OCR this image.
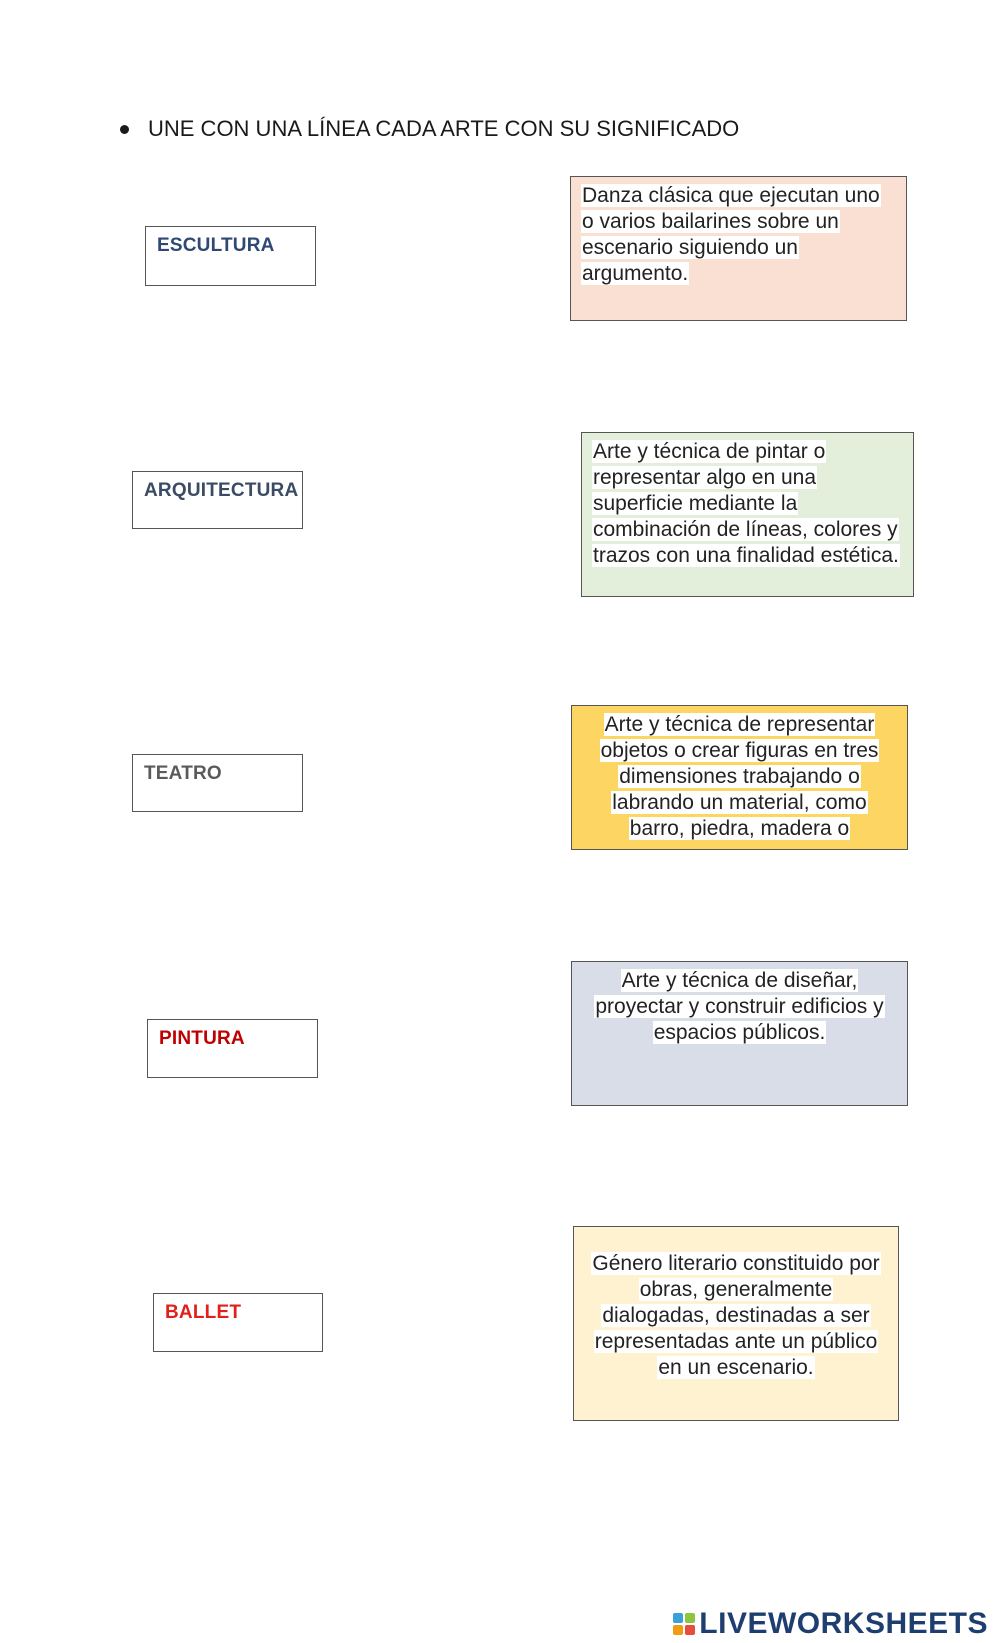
UNE CON UNA LÍNEA CADA ARTE CON SU SIGNIFICADO
ESCULTURA
ARQUITECTURA
TEATRO
PINTURA
BALLET
Danza clásica que ejecutan uno o varios bailarines sobre un escenario siguiendo un argumento.
Arte y técnica de pintar o representar algo en una superficie mediante la combinación de líneas, colores y trazos con una finalidad estética.
Arte y técnica de representar objetos o crear figuras en tres dimensiones trabajando o labrando un material, como barro, piedra, madera o
Arte y técnica de diseñar, proyectar y construir edificios y espacios públicos.
Género literario constituido por obras, generalmente dialogadas, destinadas a ser representadas ante un público en un escenario.
LIVEWORKSHEETS
